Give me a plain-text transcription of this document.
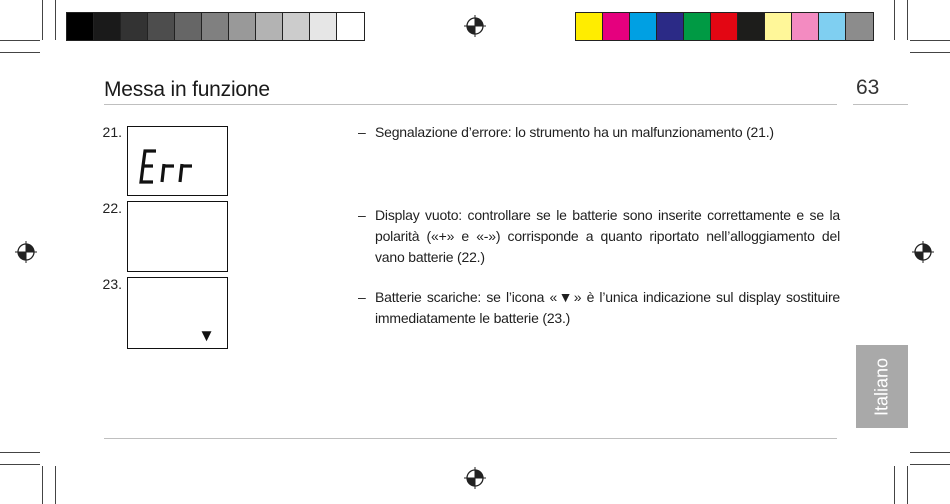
Messa in funzione	63
21.
22.
23.
▼
– Segnalazione d’errore: lo strumento ha un malfunzionamento (21.)
– Display vuoto: controllare se le batterie sono inserite correttamente e se la polarità («+» e «-») corrisponde a quanto riportato nell’alloggiamento del vano batterie (22.)
– Batterie scariche: se l’icona «▼» è l’unica indicazione sul display sostituire immediatamente le batterie (23.)
Italiano
